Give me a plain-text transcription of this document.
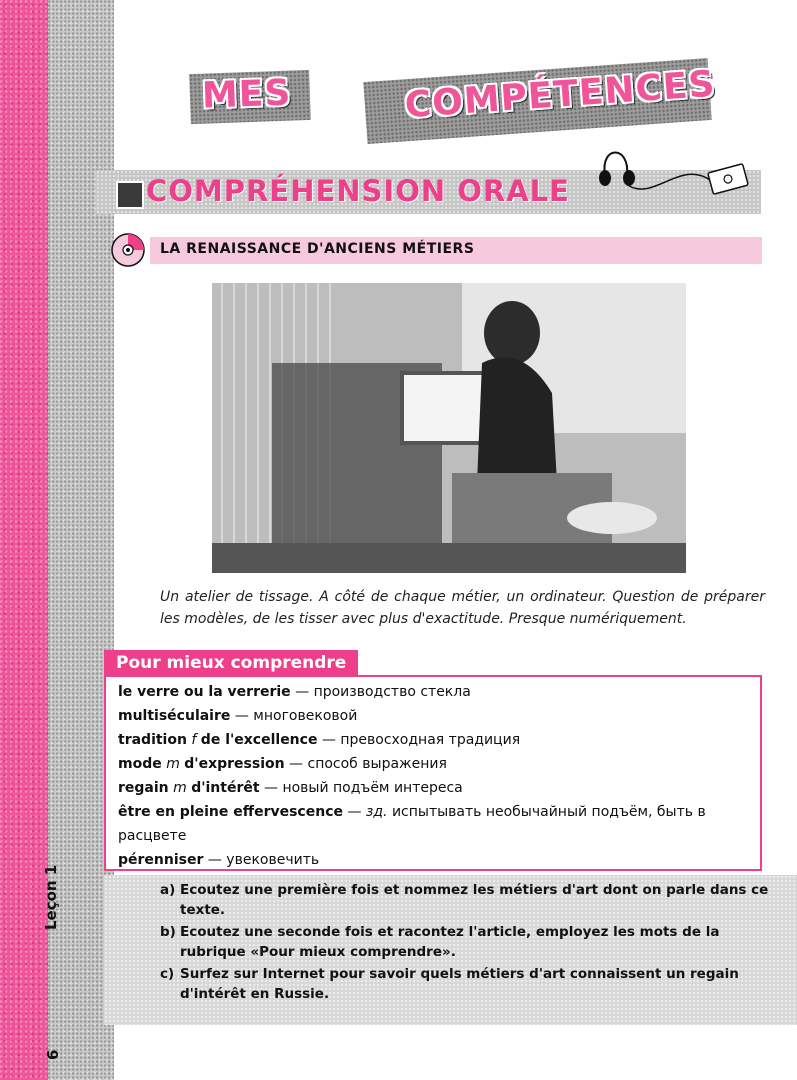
Leçon 1
6
MES	COMPÉTENCES
COMPRÉHENSION ORALE
LA RENAISSANCE D'ANCIENS MÉTIERS
Un atelier de tissage. A côté de chaque métier, un ordinateur. Question de préparer les modèles, de les tisser avec plus d'exactitude. Presque numériquement.
Pour mieux comprendre
le verre ou la verrerie — производство стекла
multiséculaire — многовековой
tradition f de l'excellence — превосходная традиция
mode m d'expression — способ выражения
regain m d'intérêt — новый подъём интереса
être en pleine effervescence — зд. испытывать необычайный подъём, быть в расцвете
pérenniser — увековечить
a) Ecoutez une première fois et nommez les métiers d'art dont on parle dans ce texte.
b) Ecoutez une seconde fois et racontez l'article, employez les mots de la rubrique «Pour mieux comprendre».
c) Surfez sur Internet pour savoir quels métiers d'art connaissent un regain d'intérêt en Russie.
